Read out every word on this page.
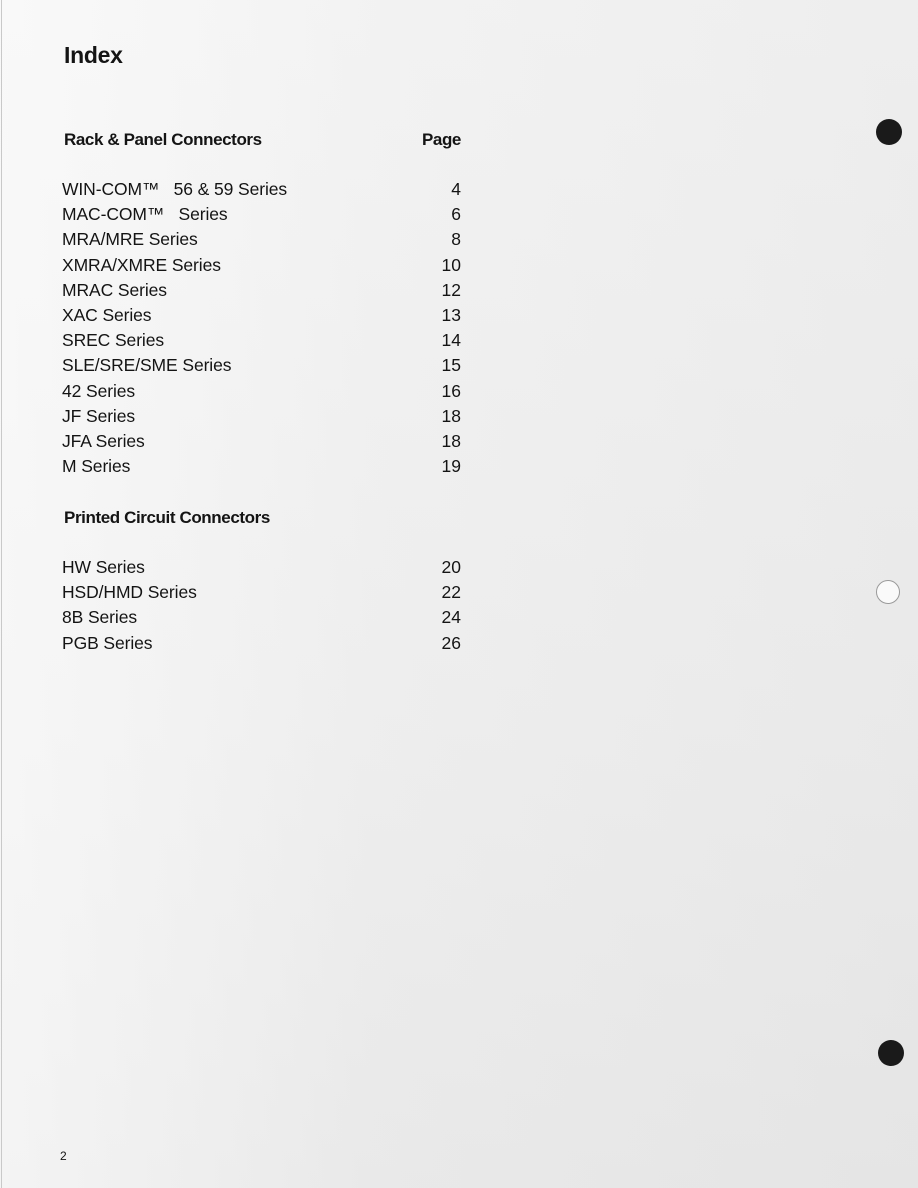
Index
Rack & Panel Connectors	Page
WIN-COM™   56 & 59 Series	4
MAC-COM™   Series	6
MRA/MRE Series	8
XMRA/XMRE Series	10
MRAC Series	12
XAC Series	13
SREC Series	14
SLE/SRE/SME Series	15
42 Series	16
JF Series	18
JFA Series	18
M Series	19
Printed Circuit Connectors
HW Series	20
HSD/HMD Series	22
8B Series	24
PGB Series	26
2
